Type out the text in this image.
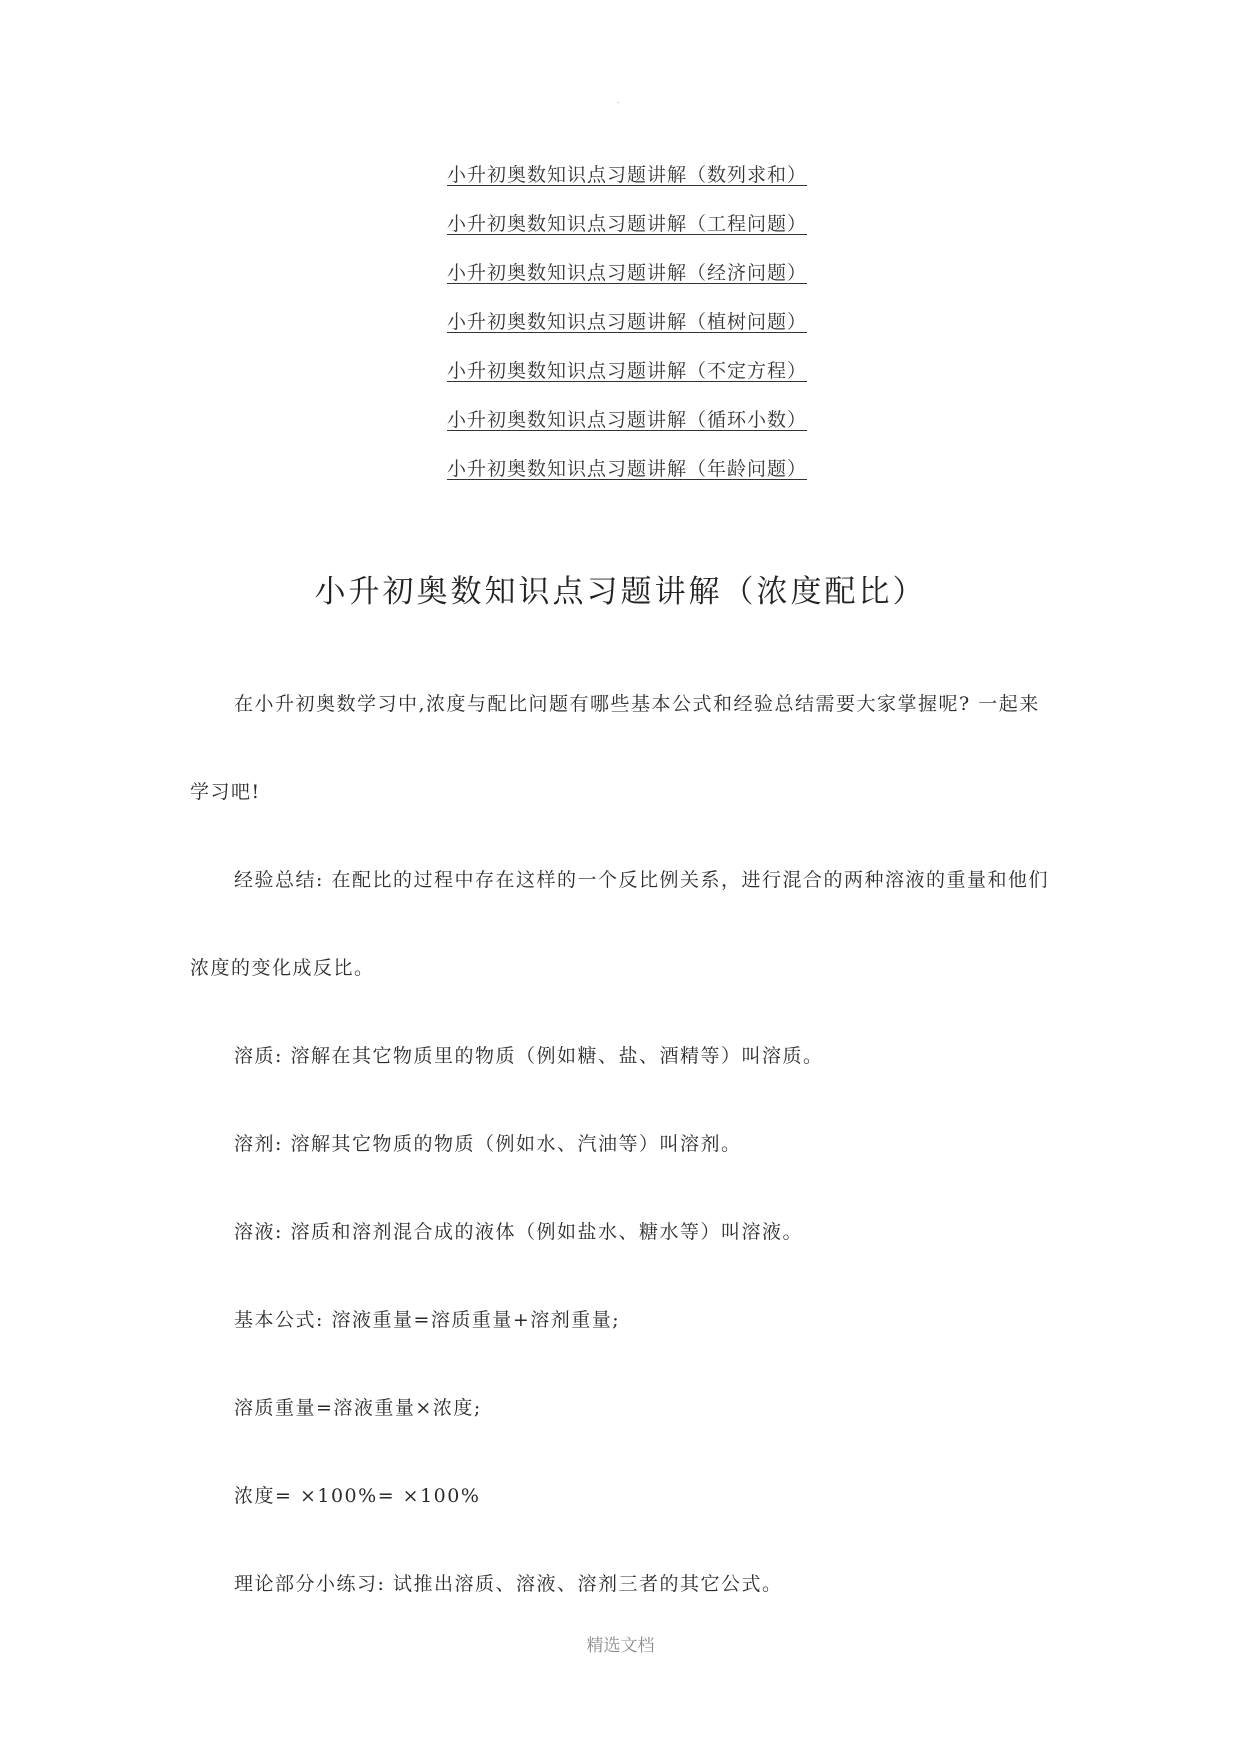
.
小升初奥数知识点习题讲解（数列求和）
小升初奥数知识点习题讲解（工程问题）
小升初奥数知识点习题讲解（经济问题）
小升初奥数知识点习题讲解（植树问题）
小升初奥数知识点习题讲解（不定方程）
小升初奥数知识点习题讲解（循环小数）
小升初奥数知识点习题讲解（年龄问题）
小升初奥数知识点习题讲解（浓度配比）

在小升初奥数学习中,浓度与配比问题有哪些基本公式和经验总结需要大家掌握呢? 一起来学习吧!

经验总结: 在配比的过程中存在这样的一个反比例关系，进行混合的两种溶液的重量和他们浓度的变化成反比。

溶质: 溶解在其它物质里的物质（例如糖、盐、酒精等）叫溶质。

溶剂: 溶解其它物质的物质（例如水、汽油等）叫溶剂。

溶液: 溶质和溶剂混合成的液体（例如盐水、糖水等）叫溶液。

基本公式: 溶液重量=溶质重量+溶剂重量;

溶质重量=溶液重量×浓度;

浓度= ×100%= ×100%

理论部分小练习: 试推出溶质、溶液、溶剂三者的其它公式。

精选文档
